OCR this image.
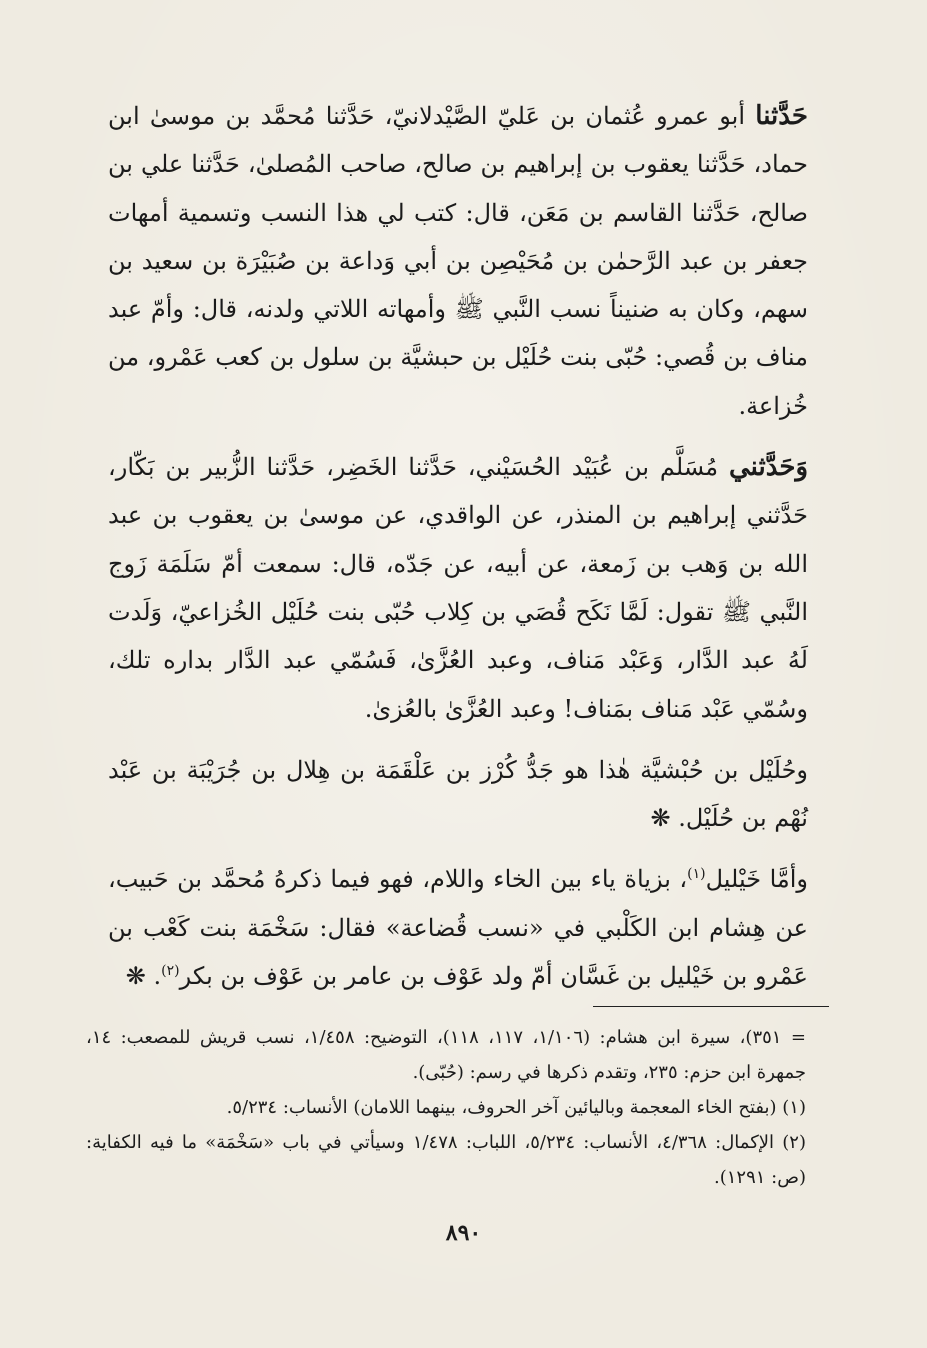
حَدَّثنا أبو عمرو عُثمان بن عَليّ الصَّيْدلانيّ، حَدَّثنا مُحمَّد بن موسىٰ ابن حماد، حَدَّثنا يعقوب بن إبراهيم بن صالح، صاحب المُصلىٰ، حَدَّثنا علي بن صالح، حَدَّثنا القاسم بن مَعَن، قال: كتب لي هذا النسب وتسمية أمهات جعفر بن عبد الرَّحمٰن بن مُحَيْصِن بن أبي وَداعة بن صُبَيْرَة بن سعيد بن سهم، وكان به ضنيناً نسب النَّبي ﷺ وأمهاته اللاتي ولدنه، قال: وأمّ عبد مناف بن قُصي: حُبّى بنت حُلَيْل بن حبشيَّة بن سلول بن كعب عَمْرو، من خُزاعة.

وَحَدَّثني مُسَلَّم بن عُبَيْد الحُسَيْني، حَدَّثنا الخَضِر، حَدَّثنا الزُّبير بن بَكّار، حَدَّثني إبراهيم بن المنذر، عن الواقدي، عن موسىٰ بن يعقوب بن عبد الله بن وَهب بن زَمعة، عن أبيه، عن جَدّه، قال: سمعت أمّ سَلَمَة زَوج النَّبي ﷺ تقول: لَمَّا نَكَح قُصَي بن كِلاب حُبّى بنت حُلَيْل الخُزاعيّ، وَلَدت لَهُ عبد الدَّار، وَعَبْد مَناف، وعبد العُزَّىٰ، فَسُمّي عبد الدَّار بداره تلك، وسُمّي عَبْد مَناف بمَناف! وعبد العُزَّىٰ بالعُزىٰ.

وحُلَيْل بن حُبْشيَّة هٰذا هو جَدُّ كُرْز بن عَلْقَمَة بن هِلال بن جُرَيْبَة بن عَبْد نُهْم بن حُلَيْل. ❋

وأمَّا خَيْليل$^{(١)}$، بزياة ياء بين الخاء واللام، فهو فيما ذكرهُ مُحمَّد بن حَبيب، عن هِشام ابن الكَلْبي في «نسب قُضاعة» فقال: سَخْمَة بنت كَعْب بن عَمْرو بن خَيْليل بن غَسَّان أمّ ولد عَوْف بن عامر بن عَوْف بن بكر$^{(٢)}$. ❋

= ٣٥١)، سيرة ابن هشام: (١/١٠٦، ١١٧، ١١٨)، التوضيح: ١/٤٥٨، نسب قريش للمصعب: ١٤، جمهرة ابن حزم: ٢٣٥، وتقدم ذكرها في رسم: (حُبّى).

(١) (بفتح الخاء المعجمة وباليائين آخر الحروف، بينهما اللامان) الأنساب: ٥/٢٣٤.

(٢) الإكمال: ٤/٣٦٨، الأنساب: ٥/٢٣٤، اللباب: ١/٤٧٨ وسيأتي في باب «سَخْمَة» ما فيه الكفاية: (ص: ١٢٩١).

٨٩٠
